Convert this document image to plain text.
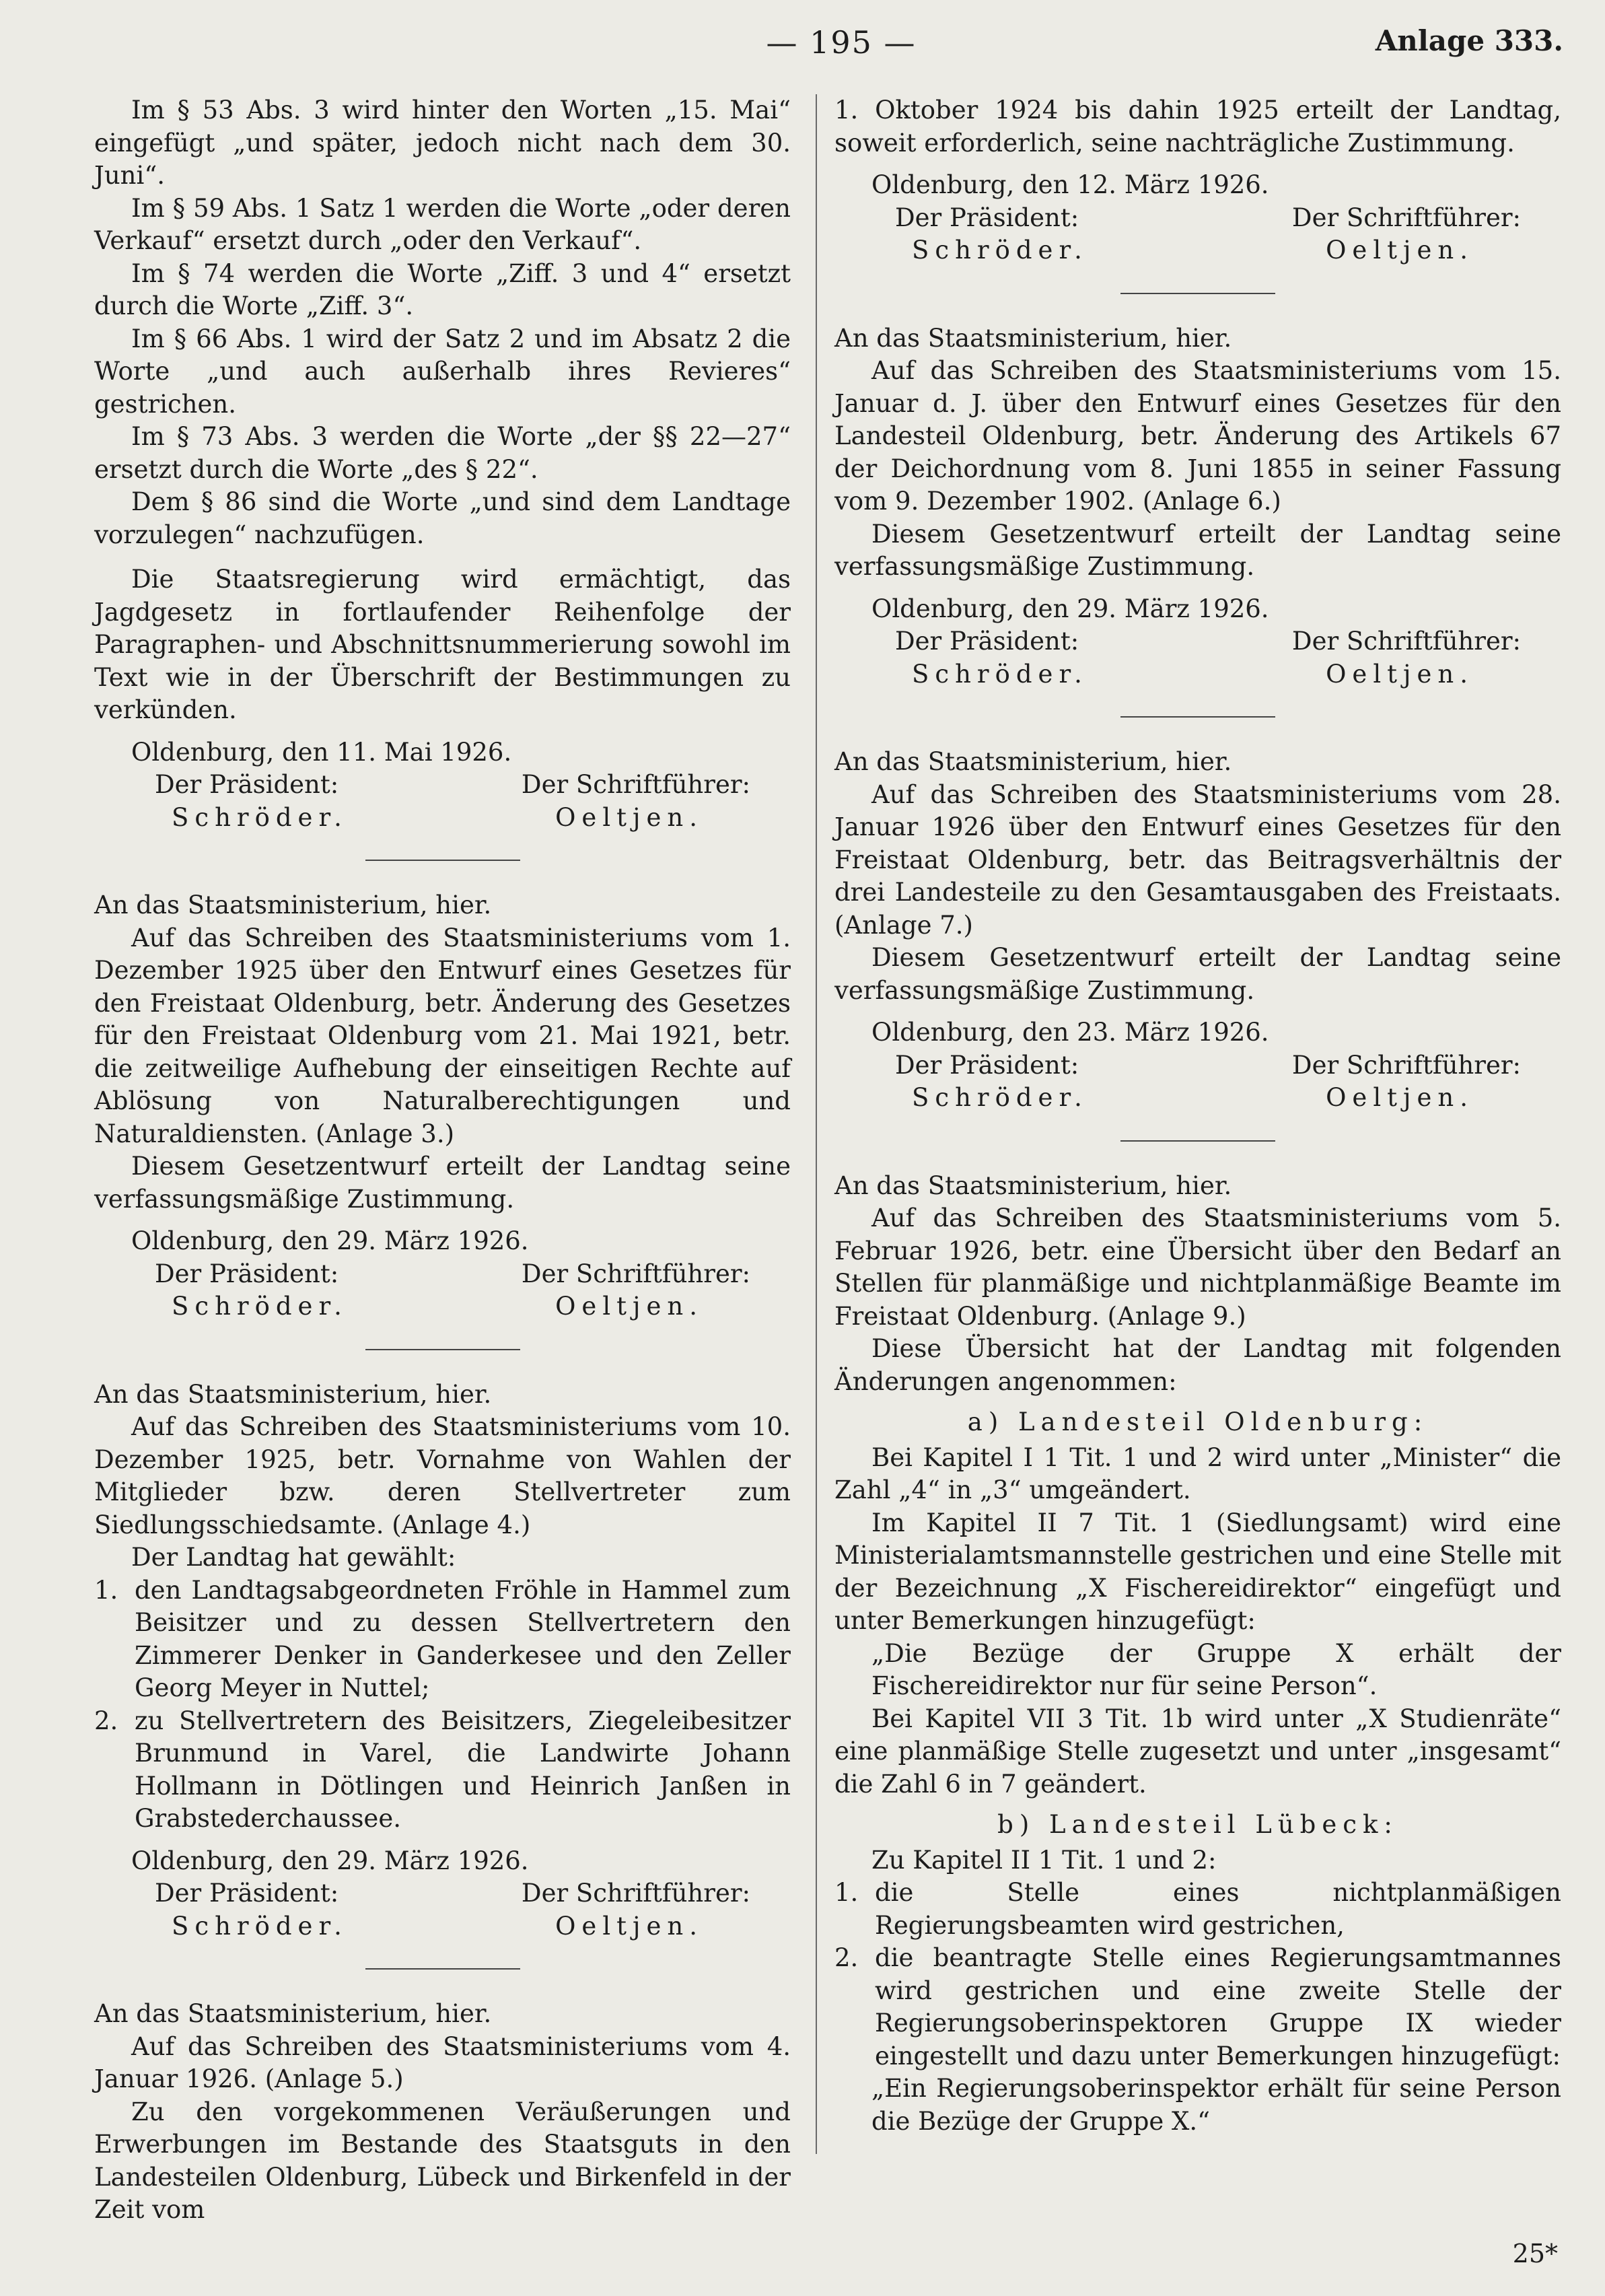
— 195 —	Anlage 333.

Im § 53 Abs. 3 wird hinter den Worten „15. Mai“ eingefügt „und später, jedoch nicht nach dem 30. Juni“.

Im § 59 Abs. 1 Satz 1 werden die Worte „oder deren Verkauf“ ersetzt durch „oder den Verkauf“.

Im § 74 werden die Worte „Ziff. 3 und 4“ ersetzt durch die Worte „Ziff. 3“.

Im § 66 Abs. 1 wird der Satz 2 und im Absatz 2 die Worte „und auch außerhalb ihres Revieres“ gestrichen.

Im § 73 Abs. 3 werden die Worte „der §§ 22—27“ ersetzt durch die Worte „des § 22“.

Dem § 86 sind die Worte „und sind dem Landtage vorzulegen“ nachzufügen.

Die Staatsregierung wird ermächtigt, das Jagdgesetz in fortlaufender Reihenfolge der Paragraphen- und Abschnittsnummerierung sowohl im Text wie in der Überschrift der Bestimmungen zu verkünden.

Oldenburg, den 11. Mai 1926.

Der Präsident:	Der Schriftführer:
Schröder.	Oeltjen.

An das Staatsministerium, hier.

Auf das Schreiben des Staatsministeriums vom 1. Dezember 1925 über den Entwurf eines Gesetzes für den Freistaat Oldenburg, betr. Änderung des Gesetzes für den Freistaat Oldenburg vom 21. Mai 1921, betr. die zeitweilige Aufhebung der einseitigen Rechte auf Ablösung von Naturalberechtigungen und Naturaldiensten. (Anlage 3.)

Diesem Gesetzentwurf erteilt der Landtag seine verfassungsmäßige Zustimmung.

Oldenburg, den 29. März 1926.

Der Präsident:	Der Schriftführer:
Schröder.	Oeltjen.

An das Staatsministerium, hier.

Auf das Schreiben des Staatsministeriums vom 10. Dezember 1925, betr. Vornahme von Wahlen der Mitglieder bzw. deren Stellvertreter zum Siedlungsschiedsamte. (Anlage 4.)

Der Landtag hat gewählt:

1. den Landtagsabgeordneten Fröhle in Hammel zum Beisitzer und zu dessen Stellvertretern den Zimmerer Denker in Ganderkesee und den Zeller Georg Meyer in Nuttel;
2. zu Stellvertretern des Beisitzers, Ziegeleibesitzer Brunmund in Varel, die Landwirte Johann Hollmann in Dötlingen und Heinrich Janßen in Grabstederchaussee.

Oldenburg, den 29. März 1926.

Der Präsident:	Der Schriftführer:
Schröder.	Oeltjen.

An das Staatsministerium, hier.

Auf das Schreiben des Staatsministeriums vom 4. Januar 1926. (Anlage 5.)

Zu den vorgekommenen Veräußerungen und Erwerbungen im Bestande des Staatsguts in den Landesteilen Oldenburg, Lübeck und Birkenfeld in der Zeit vom

1. Oktober 1924 bis dahin 1925 erteilt der Landtag, soweit erforderlich, seine nachträgliche Zustimmung.

Oldenburg, den 12. März 1926.

Der Präsident:	Der Schriftführer:
Schröder.	Oeltjen.

An das Staatsministerium, hier.

Auf das Schreiben des Staatsministeriums vom 15. Januar d. J. über den Entwurf eines Gesetzes für den Landesteil Oldenburg, betr. Änderung des Artikels 67 der Deichordnung vom 8. Juni 1855 in seiner Fassung vom 9. Dezember 1902. (Anlage 6.)

Diesem Gesetzentwurf erteilt der Landtag seine verfassungsmäßige Zustimmung.

Oldenburg, den 29. März 1926.

Der Präsident:	Der Schriftführer:
Schröder.	Oeltjen.

An das Staatsministerium, hier.

Auf das Schreiben des Staatsministeriums vom 28. Januar 1926 über den Entwurf eines Gesetzes für den Freistaat Oldenburg, betr. das Beitragsverhältnis der drei Landesteile zu den Gesamtausgaben des Freistaats. (Anlage 7.)

Diesem Gesetzentwurf erteilt der Landtag seine verfassungsmäßige Zustimmung.

Oldenburg, den 23. März 1926.

Der Präsident:	Der Schriftführer:
Schröder.	Oeltjen.

An das Staatsministerium, hier.

Auf das Schreiben des Staatsministeriums vom 5. Februar 1926, betr. eine Übersicht über den Bedarf an Stellen für planmäßige und nichtplanmäßige Beamte im Freistaat Oldenburg. (Anlage 9.)

Diese Übersicht hat der Landtag mit folgenden Änderungen angenommen:

a) Landesteil Oldenburg:

Bei Kapitel I 1 Tit. 1 und 2 wird unter „Minister“ die Zahl „4“ in „3“ umgeändert.

Im Kapitel II 7 Tit. 1 (Siedlungsamt) wird eine Ministerialamtsmannstelle gestrichen und eine Stelle mit der Bezeichnung „X Fischereidirektor“ eingefügt und unter Bemerkungen hinzugefügt:

„Die Bezüge der Gruppe X erhält der Fischereidirektor nur für seine Person“.

Bei Kapitel VII 3 Tit. 1b wird unter „X Studienräte“ eine planmäßige Stelle zugesetzt und unter „insgesamt“ die Zahl 6 in 7 geändert.

b) Landesteil Lübeck:

Zu Kapitel II 1 Tit. 1 und 2:

1. die Stelle eines nichtplanmäßigen Regierungsbeamten wird gestrichen,
2. die beantragte Stelle eines Regierungsamtmannes wird gestrichen und eine zweite Stelle der Regierungsoberinspektoren Gruppe IX wieder eingestellt und dazu unter Bemerkungen hinzugefügt:

„Ein Regierungsoberinspektor erhält für seine Person die Bezüge der Gruppe X.“

25*
